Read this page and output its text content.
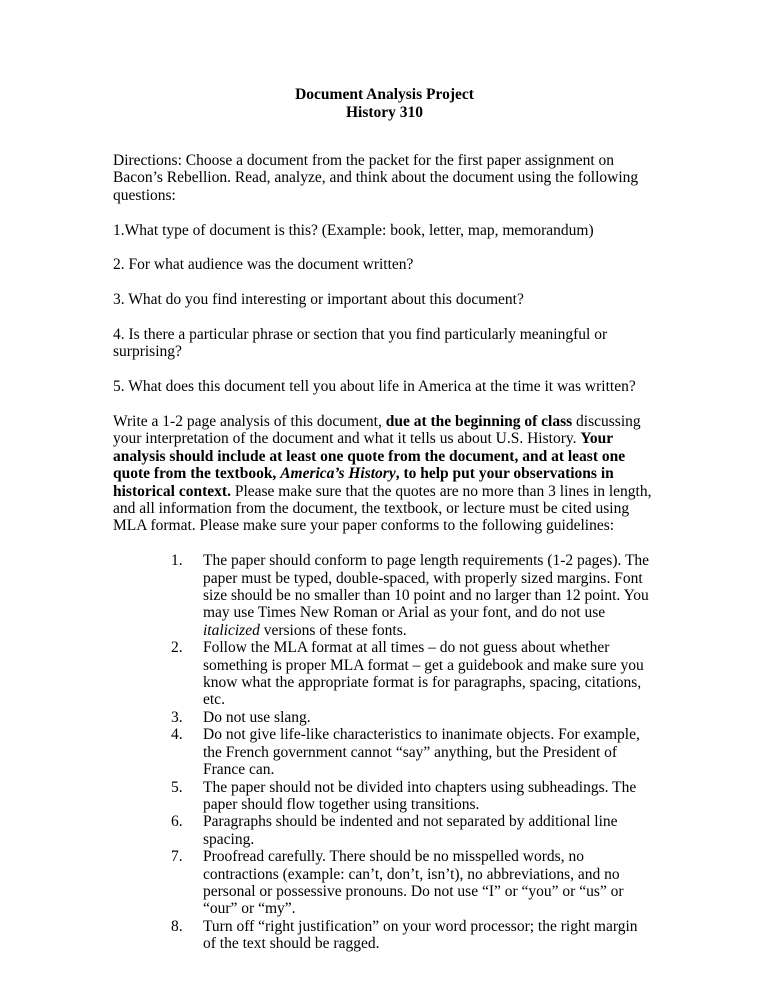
Document Analysis Project
History 310

Directions: Choose a document from the packet for the first paper assignment on Bacon’s Rebellion. Read, analyze, and think about the document using the following questions:

1.What type of document is this? (Example: book, letter, map, memorandum)

2. For what audience was the document written?

3. What do you find interesting or important about this document?

4. Is there a particular phrase or section that you find particularly meaningful or surprising?

5. What does this document tell you about life in America at the time it was written?

Write a 1-2 page analysis of this document, due at the beginning of class discussing your interpretation of the document and what it tells us about U.S. History. Your analysis should include at least one quote from the document, and at least one quote from the textbook, America’s History, to help put your observations in historical context. Please make sure that the quotes are no more than 3 lines in length, and all information from the document, the textbook, or lecture must be cited using MLA format. Please make sure your paper conforms to the following guidelines:

The paper should conform to page length requirements (1-2 pages). The paper must be typed, double-spaced, with properly sized margins. Font size should be no smaller than 10 point and no larger than 12 point. You may use Times New Roman or Arial as your font, and do not use italicized versions of these fonts.
Follow the MLA format at all times – do not guess about whether something is proper MLA format – get a guidebook and make sure you know what the appropriate format is for paragraphs, spacing, citations, etc.
Do not use slang.
Do not give life-like characteristics to inanimate objects. For example, the French government cannot “say” anything, but the President of France can.
The paper should not be divided into chapters using subheadings. The paper should flow together using transitions.
Paragraphs should be indented and not separated by additional line spacing.
Proofread carefully. There should be no misspelled words, no contractions (example: can’t, don’t, isn’t), no abbreviations, and no personal or possessive pronouns. Do not use “I” or “you” or “us” or “our” or “my”.
Turn off “right justification” on your word processor; the right margin of the text should be ragged.
